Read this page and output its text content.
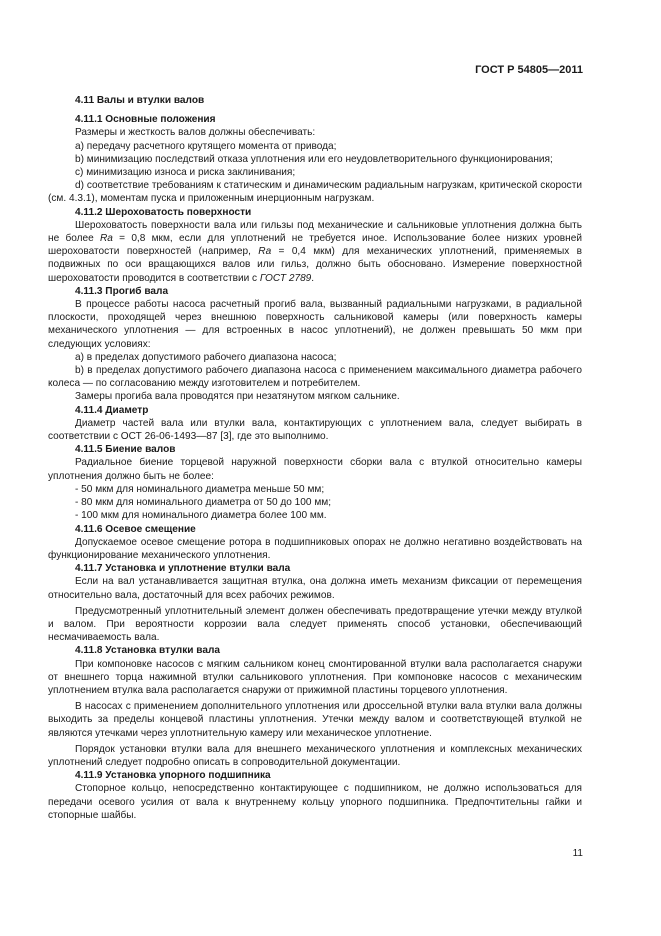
ГОСТ Р 54805—2011
4.11 Валы и втулки валов
4.11.1 Основные положения
Размеры и жесткость валов должны обеспечивать:
а) передачу расчетного крутящего момента от привода;
b) минимизацию последствий отказа уплотнения или его неудовлетворительного функционирования;
c) минимизацию износа и риска заклинивания;
d) соответствие требованиям к статическим и динамическим радиальным нагрузкам, критической скорости (см. 4.3.1), моментам пуска и приложенным инерционным нагрузкам.
4.11.2 Шероховатость поверхности
Шероховатость поверхности вала или гильзы под механические и сальниковые уплотнения должна быть не более Ra = 0,8 мкм, если для уплотнений не требуется иное. Использование более низких уровней шероховатости поверхностей (например, Ra = 0,4 мкм) для механических уплотнений, применяемых в подвижных по оси вращающихся валов или гильз, должно быть обосновано. Измерение поверхностной шероховатости проводится в соответствии с ГОСТ 2789.
4.11.3 Прогиб вала
В процессе работы насоса расчетный прогиб вала, вызванный радиальными нагрузками, в радиальной плоскости, проходящей через внешнюю поверхность сальниковой камеры (или поверхность камеры механического уплотнения — для встроенных в насос уплотнений), не должен превышать 50 мкм при следующих условиях:
a) в пределах допустимого рабочего диапазона насоса;
b) в пределах допустимого рабочего диапазона насоса с применением максимального диаметра рабочего колеса — по согласованию между изготовителем и потребителем.
Замеры прогиба вала проводятся при незатянутом мягком сальнике.
4.11.4 Диаметр
Диаметр частей вала или втулки вала, контактирующих с уплотнением вала, следует выбирать в соответствии с ОСТ 26-06-1493—87 [3], где это выполнимо.
4.11.5 Биение валов
Радиальное биение торцевой наружной поверхности сборки вала с втулкой относительно камеры уплотнения должно быть не более:
- 50 мкм для номинального диаметра меньше 50 мм;
- 80 мкм для номинального диаметра от 50 до 100 мм;
- 100 мкм для номинального диаметра более 100 мм.
4.11.6 Осевое смещение
Допускаемое осевое смещение ротора в подшипниковых опорах не должно негативно воздействовать на функционирование механического уплотнения.
4.11.7 Установка и уплотнение втулки вала
Если на вал устанавливается защитная втулка, она должна иметь механизм фиксации от перемещения относительно вала, достаточный для всех рабочих режимов.
Предусмотренный уплотнительный элемент должен обеспечивать предотвращение утечки между втулкой и валом. При вероятности коррозии вала следует применять способ установки, обеспечивающий несмачиваемость вала.
4.11.8 Установка втулки вала
При компоновке насосов с мягким сальником конец смонтированной втулки вала располагается снаружи от внешнего торца нажимной втулки сальникового уплотнения. При компоновке насосов с механическим уплотнением втулка вала располагается снаружи от прижимной пластины торцевого уплотнения.
В насосах с применением дополнительного уплотнения или дроссельной втулки вала втулки вала должны выходить за пределы концевой пластины уплотнения. Утечки между валом и соответствующей втулкой не являются утечками через уплотнительную камеру или механическое уплотнение.
Порядок установки втулки вала для внешнего механического уплотнения и комплексных механических уплотнений следует подробно описать в сопроводительной документации.
4.11.9 Установка упорного подшипника
Стопорное кольцо, непосредственно контактирующее с подшипником, не должно использоваться для передачи осевого усилия от вала к внутреннему кольцу упорного подшипника. Предпочтительны гайки и стопорные шайбы.
11
